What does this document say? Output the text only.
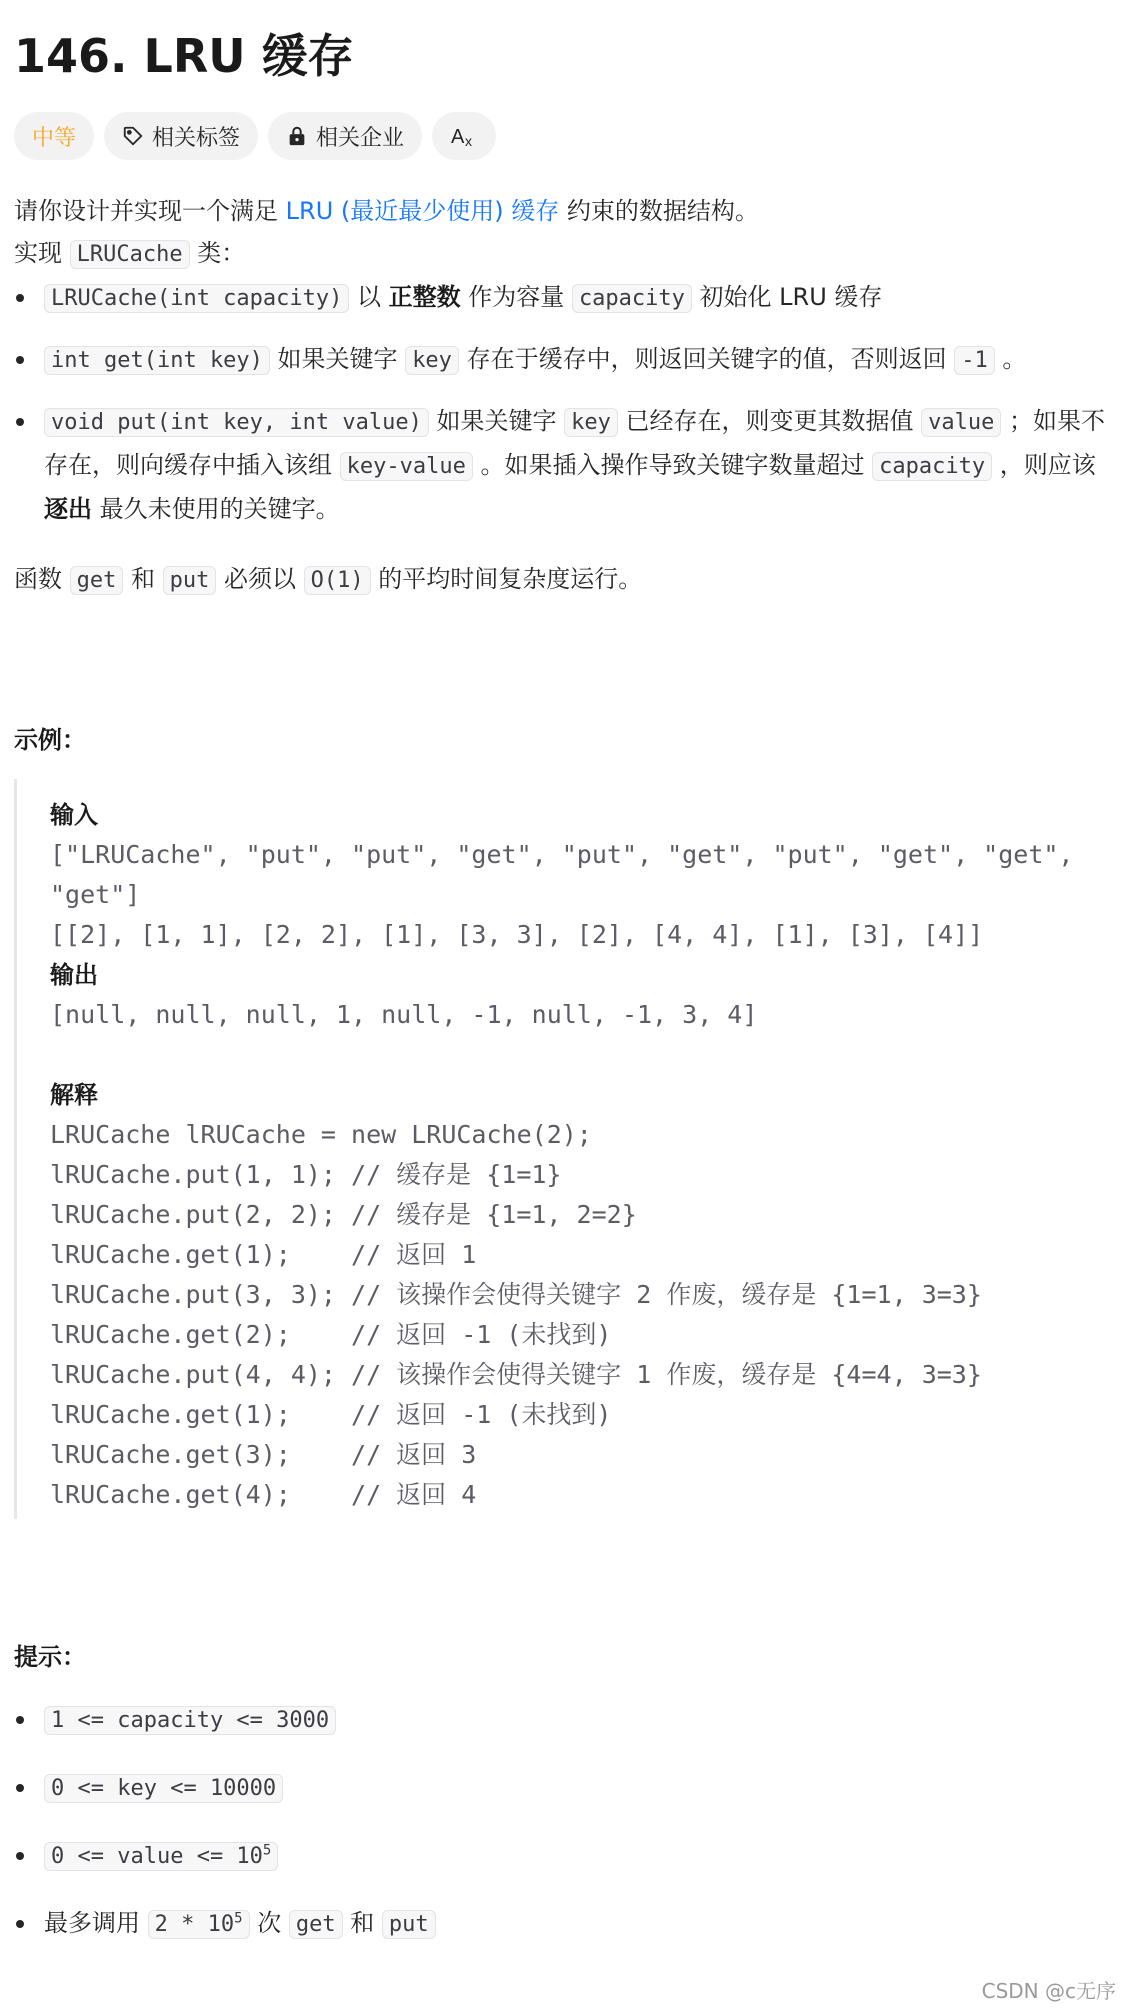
146. LRU 缓存
中等	相关标签	相关企业 A x

请你设计并实现一个满足 LRU (最近最少使用) 缓存 约束的数据结构。

实现 LRUCache 类：

LRUCache(int capacity) 以 正整数 作为容量 capacity 初始化 LRU 缓存
int get(int key) 如果关键字 key 存在于缓存中，则返回关键字的值，否则返回 -1 。
void put(int key, int value) 如果关键字 key 已经存在，则变更其数据值 value ；如果不存在，则向缓存中插入该组 key-value 。如果插入操作导致关键字数量超过 capacity ，则应该 逐出 最久未使用的关键字。

函数 get 和 put 必须以 O(1) 的平均时间复杂度运行。

示例：

输入

["LRUCache", "put", "put", "get", "put", "get", "put", "get", "get", "get"]

[[2], [1, 1], [2, 2], [1], [3, 3], [2], [4, 4], [1], [3], [4]]

输出

[null, null, null, 1, null, -1, null, -1, 3, 4]

解释

LRUCache lRUCache = new LRUCache(2);

lRUCache.put(1, 1); // 缓存是 {1=1}

lRUCache.put(2, 2); // 缓存是 {1=1, 2=2}

lRUCache.get(1);    // 返回 1

lRUCache.put(3, 3); // 该操作会使得关键字 2 作废，缓存是 {1=1, 3=3}

lRUCache.get(2);    // 返回 -1 (未找到)

lRUCache.put(4, 4); // 该操作会使得关键字 1 作废，缓存是 {4=4, 3=3}

lRUCache.get(1);    // 返回 -1 (未找到)

lRUCache.get(3);    // 返回 3

lRUCache.get(4);    // 返回 4

提示：

1 <= capacity <= 3000
0 <= key <= 10000
0 <= value <= $10^5$
最多调用 $2 * 10^5$ 次 get 和 put
CSDN @c无序
